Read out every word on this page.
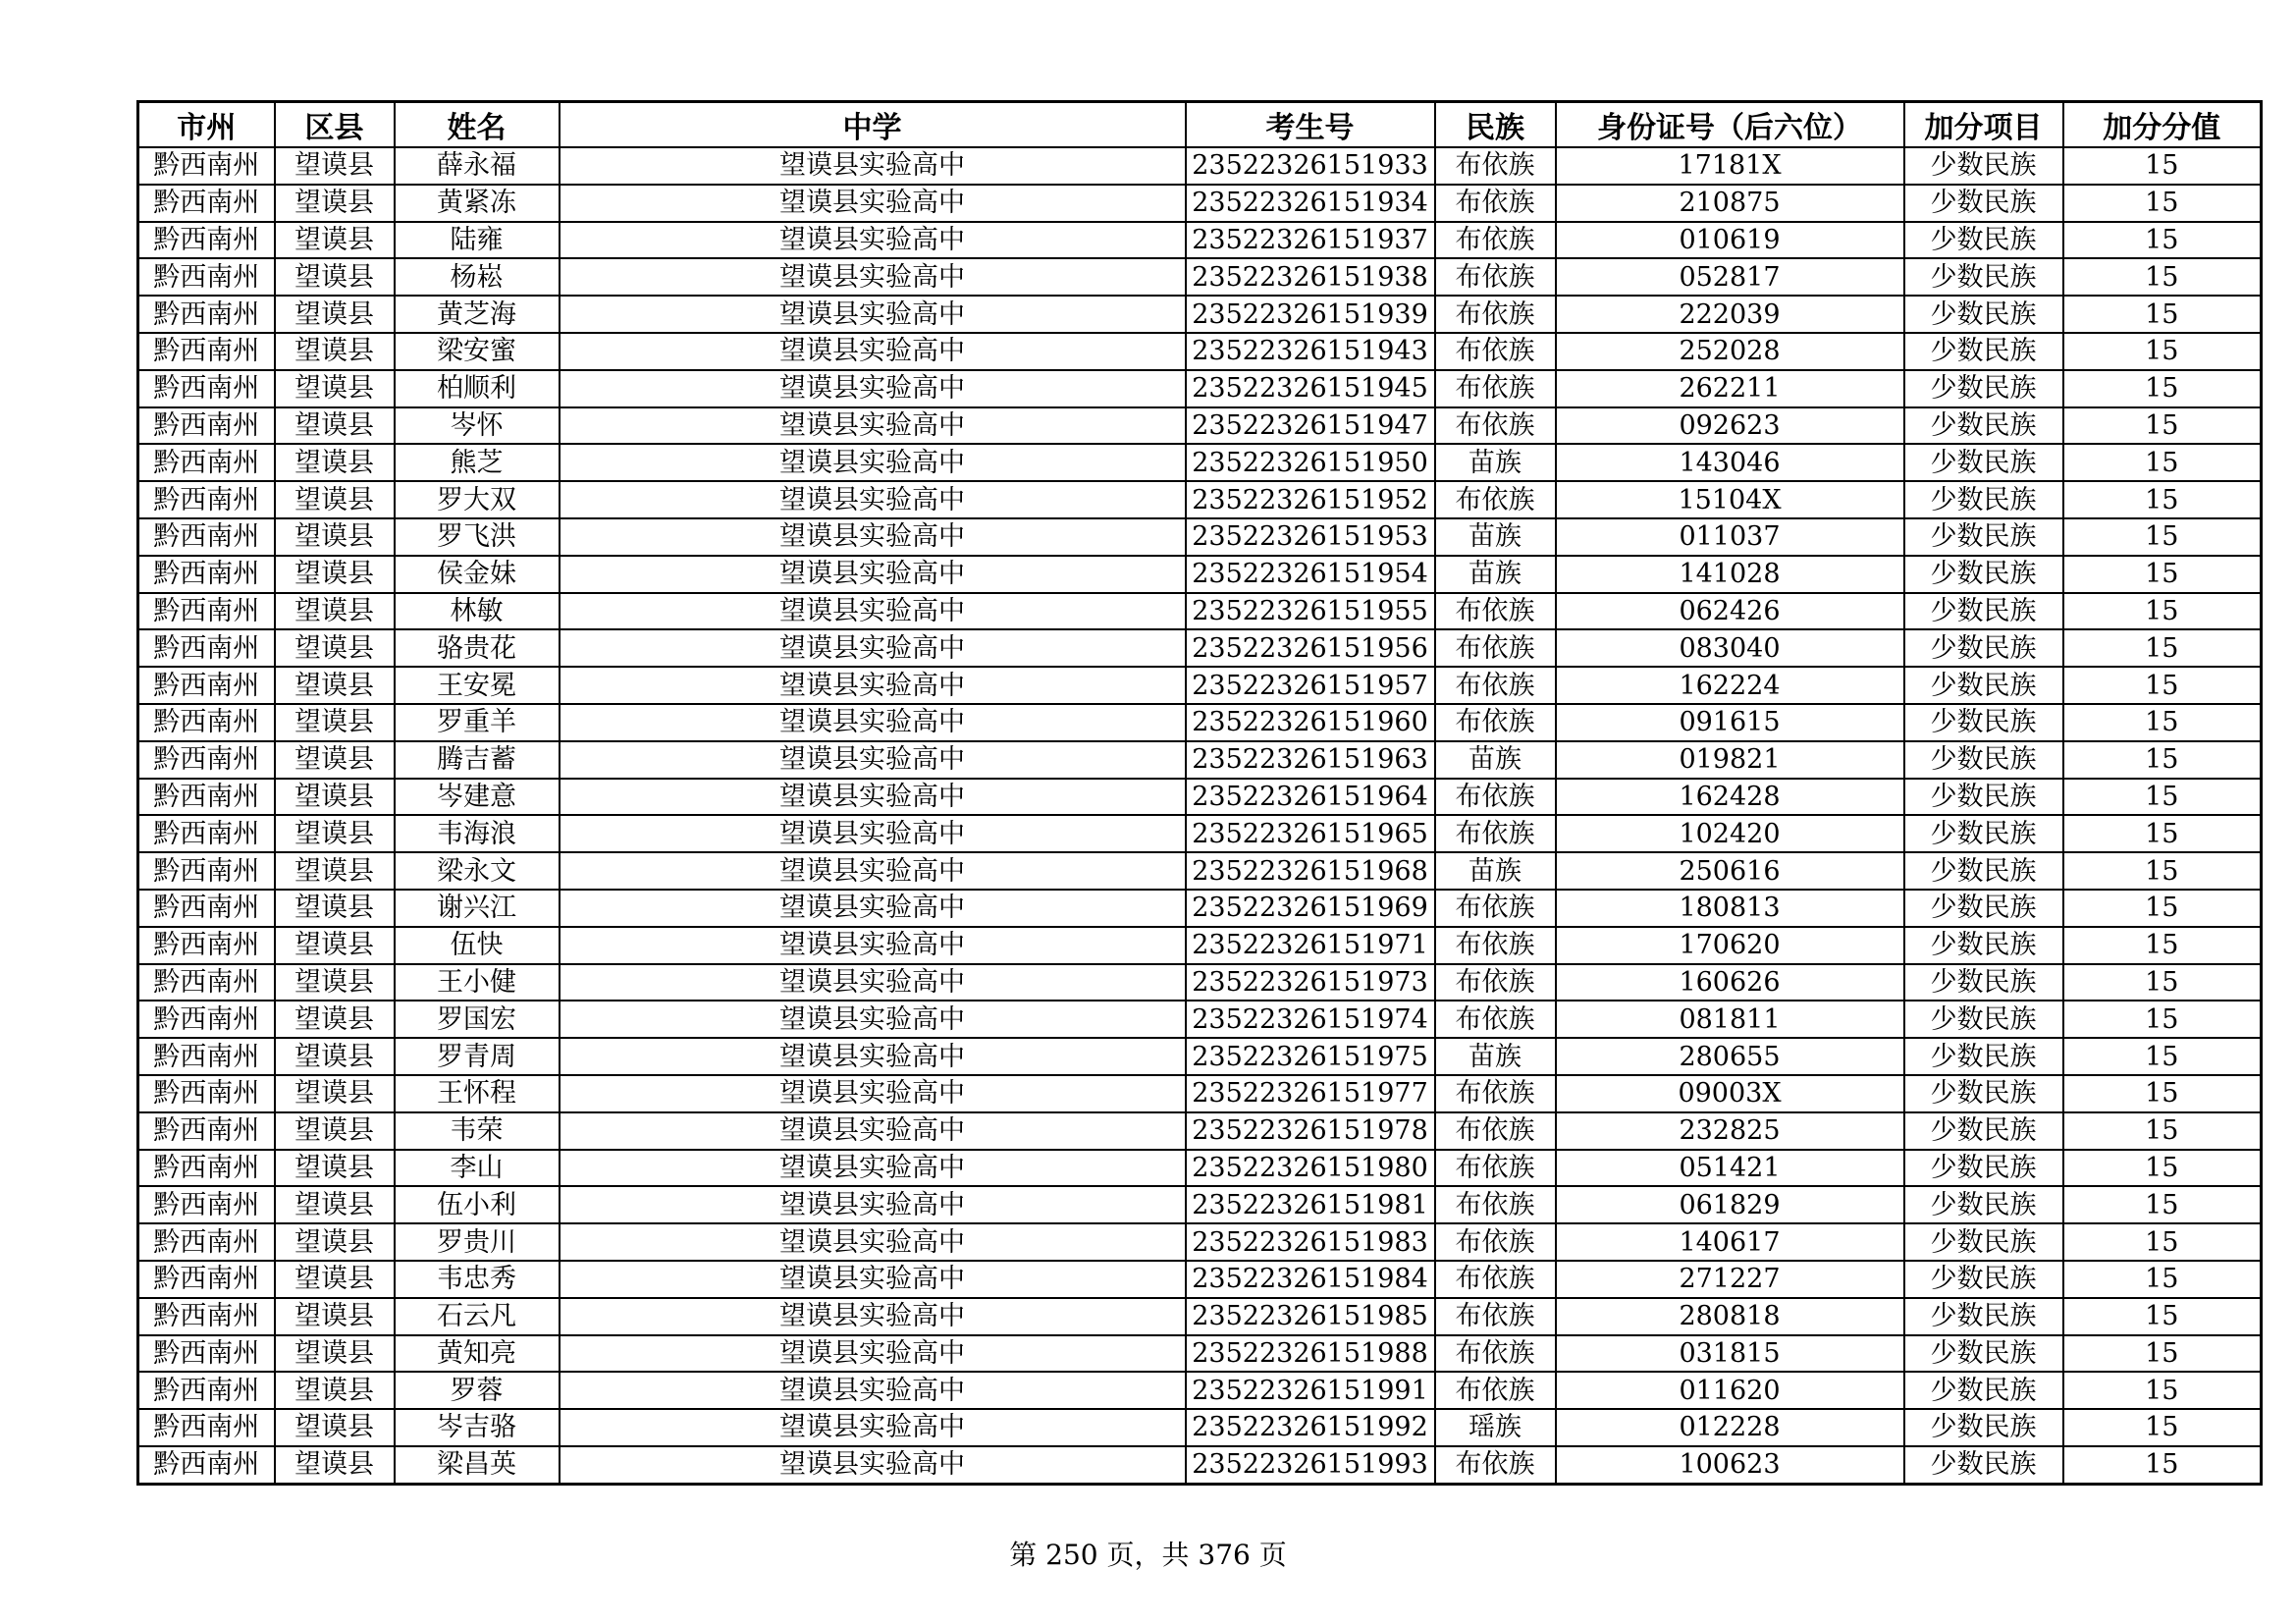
市州	区县	姓名	中学	考生号	民族	身份证号（后六位）	加分项目	加分分值
黔西南州	望谟县	薛永福	望谟县实验高中	23522326151933	布依族	17181X	少数民族	15
黔西南州	望谟县	黄紧冻	望谟县实验高中	23522326151934	布依族	210875	少数民族	15
黔西南州	望谟县	陆雍	望谟县实验高中	23522326151937	布依族	010619	少数民族	15
黔西南州	望谟县	杨崧	望谟县实验高中	23522326151938	布依族	052817	少数民族	15
黔西南州	望谟县	黄芝海	望谟县实验高中	23522326151939	布依族	222039	少数民族	15
黔西南州	望谟县	梁安蜜	望谟县实验高中	23522326151943	布依族	252028	少数民族	15
黔西南州	望谟县	柏顺利	望谟县实验高中	23522326151945	布依族	262211	少数民族	15
黔西南州	望谟县	岑怀	望谟县实验高中	23522326151947	布依族	092623	少数民族	15
黔西南州	望谟县	熊芝	望谟县实验高中	23522326151950	苗族	143046	少数民族	15
黔西南州	望谟县	罗大双	望谟县实验高中	23522326151952	布依族	15104X	少数民族	15
黔西南州	望谟县	罗飞洪	望谟县实验高中	23522326151953	苗族	011037	少数民族	15
黔西南州	望谟县	侯金妹	望谟县实验高中	23522326151954	苗族	141028	少数民族	15
黔西南州	望谟县	林敏	望谟县实验高中	23522326151955	布依族	062426	少数民族	15
黔西南州	望谟县	骆贵花	望谟县实验高中	23522326151956	布依族	083040	少数民族	15
黔西南州	望谟县	王安冕	望谟县实验高中	23522326151957	布依族	162224	少数民族	15
黔西南州	望谟县	罗重羊	望谟县实验高中	23522326151960	布依族	091615	少数民族	15
黔西南州	望谟县	腾吉蓄	望谟县实验高中	23522326151963	苗族	019821	少数民族	15
黔西南州	望谟县	岑建意	望谟县实验高中	23522326151964	布依族	162428	少数民族	15
黔西南州	望谟县	韦海浪	望谟县实验高中	23522326151965	布依族	102420	少数民族	15
黔西南州	望谟县	梁永文	望谟县实验高中	23522326151968	苗族	250616	少数民族	15
黔西南州	望谟县	谢兴江	望谟县实验高中	23522326151969	布依族	180813	少数民族	15
黔西南州	望谟县	伍快	望谟县实验高中	23522326151971	布依族	170620	少数民族	15
黔西南州	望谟县	王小健	望谟县实验高中	23522326151973	布依族	160626	少数民族	15
黔西南州	望谟县	罗国宏	望谟县实验高中	23522326151974	布依族	081811	少数民族	15
黔西南州	望谟县	罗青周	望谟县实验高中	23522326151975	苗族	280655	少数民族	15
黔西南州	望谟县	王怀程	望谟县实验高中	23522326151977	布依族	09003X	少数民族	15
黔西南州	望谟县	韦荣	望谟县实验高中	23522326151978	布依族	232825	少数民族	15
黔西南州	望谟县	李山	望谟县实验高中	23522326151980	布依族	051421	少数民族	15
黔西南州	望谟县	伍小利	望谟县实验高中	23522326151981	布依族	061829	少数民族	15
黔西南州	望谟县	罗贵川	望谟县实验高中	23522326151983	布依族	140617	少数民族	15
黔西南州	望谟县	韦忠秀	望谟县实验高中	23522326151984	布依族	271227	少数民族	15
黔西南州	望谟县	石云凡	望谟县实验高中	23522326151985	布依族	280818	少数民族	15
黔西南州	望谟县	黄知亮	望谟县实验高中	23522326151988	布依族	031815	少数民族	15
黔西南州	望谟县	罗蓉	望谟县实验高中	23522326151991	布依族	011620	少数民族	15
黔西南州	望谟县	岑吉骆	望谟县实验高中	23522326151992	瑶族	012228	少数民族	15
黔西南州	望谟县	梁昌英	望谟县实验高中	23522326151993	布依族	100623	少数民族	15
第 250 页，共 376 页
